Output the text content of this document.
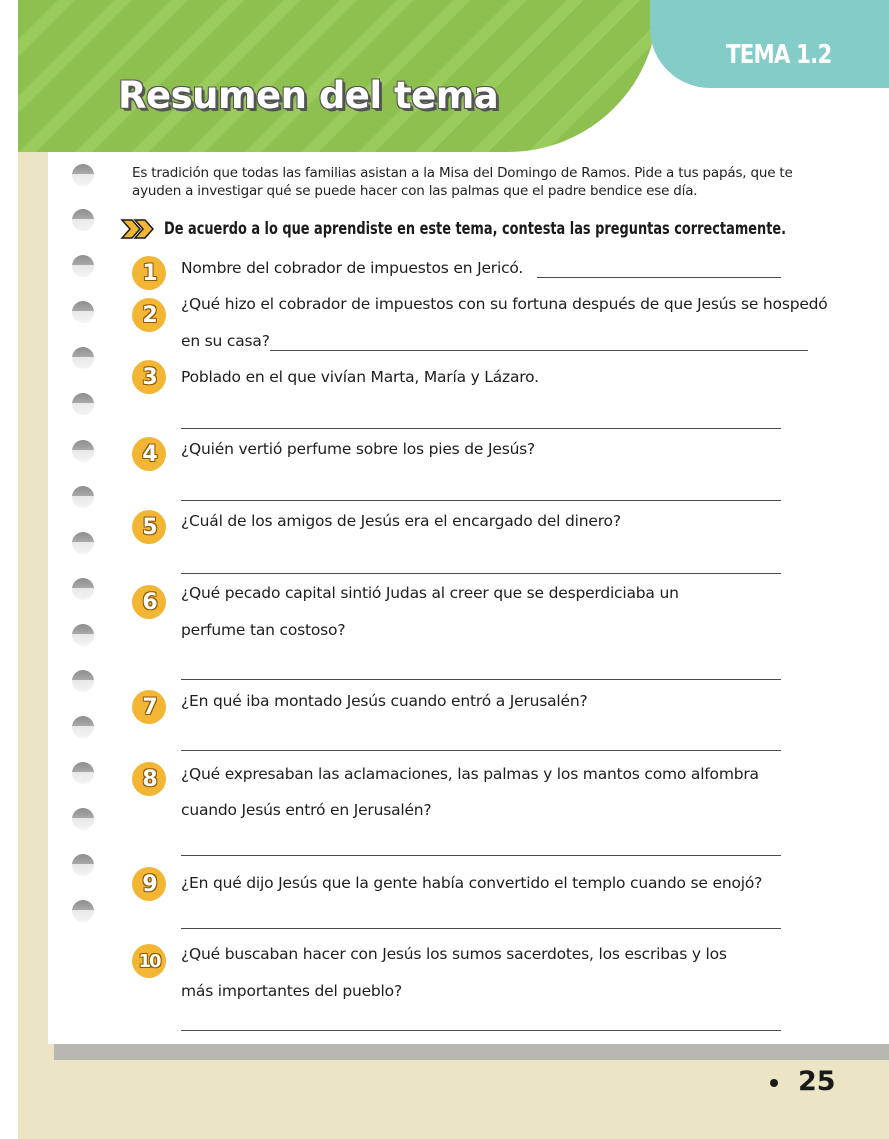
TEMA 1.2
Resumen del tema
Es tradición que todas las familias asistan a la Misa del Domingo de Ramos. Pide a tus papás, que te ayuden a investigar qué se puede hacer con las palmas que el padre bendice ese día.
De acuerdo a lo que aprendiste en este tema, contesta las preguntas correctamente.
1	Nombre del cobrador de impuestos en Jericó.
2	¿Qué hizo el cobrador de impuestos con su fortuna después de que Jesús se hospedó
en su casa?
3	Poblado en el que vivían Marta, María y Lázaro.
4	¿Quién vertió perfume sobre los pies de Jesús?
5	¿Cuál de los amigos de Jesús era el encargado del dinero?
6	¿Qué pecado capital sintió Judas al creer que se desperdiciaba un
perfume tan costoso?
7	¿En qué iba montado Jesús cuando entró a Jerusalén?
8	¿Qué expresaban las aclamaciones, las palmas y los mantos como alfombra
cuando Jesús entró en Jerusalén?
9	¿En qué dijo Jesús que la gente había convertido el templo cuando se enojó?
10	¿Qué buscaban hacer con Jesús los sumos sacerdotes, los escribas y los
más importantes del pueblo?
25
